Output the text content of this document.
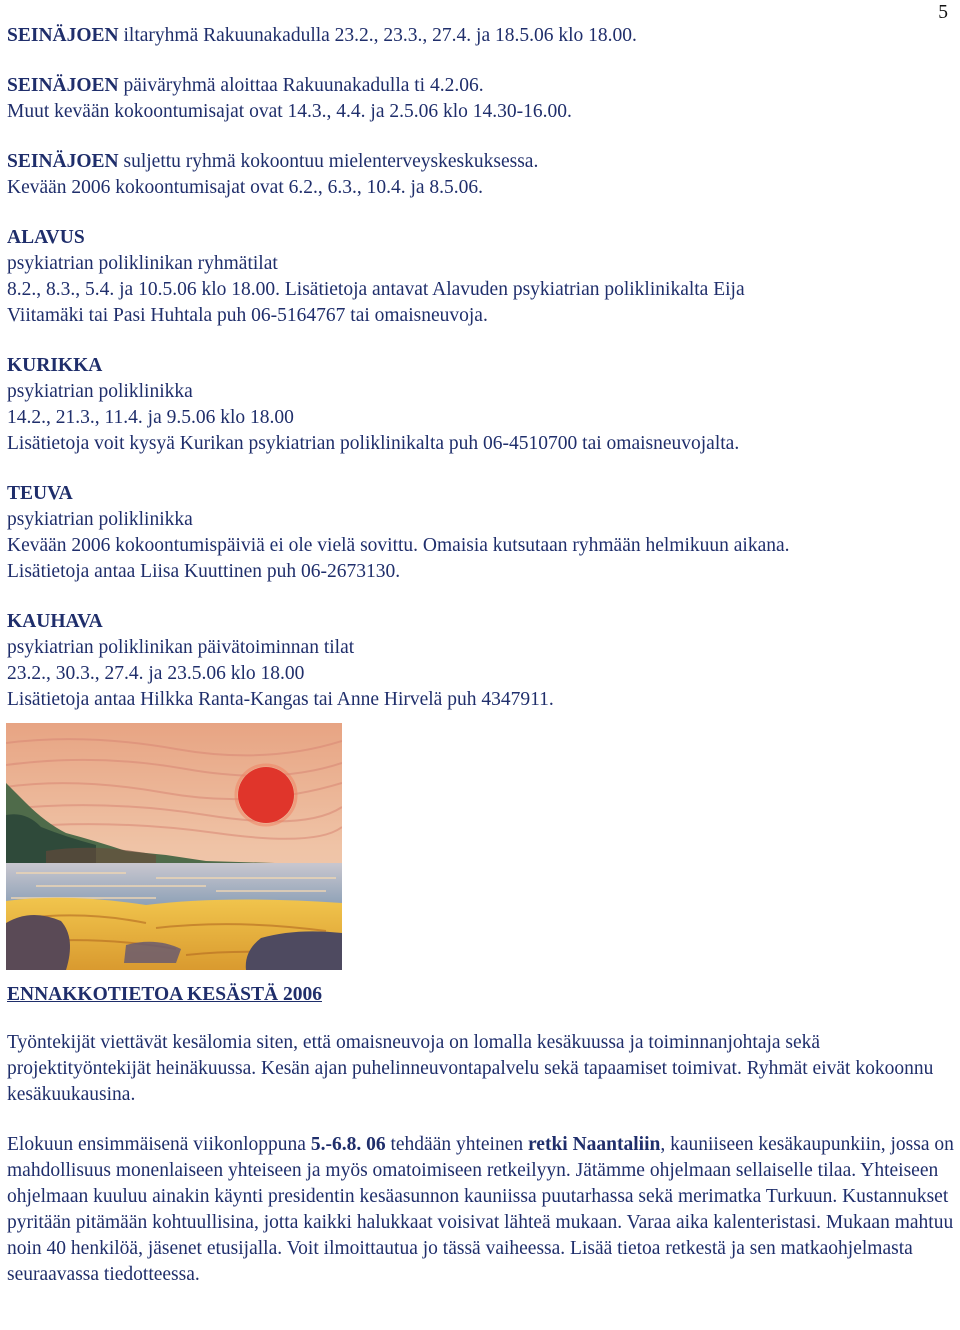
5

SEINÄJOEN iltaryhmä Rakuunakadulla 23.2., 23.3., 27.4. ja 18.5.06 klo 18.00.

SEINÄJOEN päiväryhmä aloittaa Rakuunakadulla ti 4.2.06.

Muut kevään kokoontumisajat ovat 14.3., 4.4. ja 2.5.06 klo 14.30-16.00.

SEINÄJOEN suljettu ryhmä kokoontuu mielenterveyskeskuksessa.

Kevään 2006 kokoontumisajat ovat 6.2., 6.3., 10.4. ja 8.5.06.

ALAVUS

psykiatrian poliklinikan ryhmätilat

8.2., 8.3., 5.4. ja 10.5.06 klo 18.00. Lisätietoja antavat Alavuden psykiatrian poliklinikalta Eija

Viitamäki tai Pasi Huhtala puh 06-5164767 tai omaisneuvoja.

KURIKKA

psykiatrian poliklinikka

14.2., 21.3., 11.4. ja 9.5.06 klo 18.00

Lisätietoja voit kysyä Kurikan psykiatrian poliklinikalta puh 06-4510700 tai omaisneuvojalta.

TEUVA

psykiatrian poliklinikka

Kevään 2006 kokoontumispäiviä ei ole vielä sovittu. Omaisia kutsutaan ryhmään helmikuun aikana.

Lisätietoja antaa Liisa Kuuttinen puh 06-2673130.

KAUHAVA

psykiatrian poliklinikan päivätoiminnan tilat

23.2., 30.3., 27.4. ja 23.5.06 klo 18.00

Lisätietoja antaa Hilkka Ranta-Kangas tai Anne Hirvelä puh 4347911.

ENNAKKOTIETOA KESÄSTÄ 2006

Työntekijät viettävät kesälomia siten, että omaisneuvoja on lomalla kesäkuussa ja toiminnanjohtaja sekä projektityöntekijät heinäkuussa. Kesän ajan puhelinneuvontapalvelu sekä tapaamiset toimivat. Ryhmät eivät kokoonnu kesäkuukausina.

Elokuun ensimmäisenä viikonloppuna 5.-6.8. 06 tehdään yhteinen retki Naantaliin, kauniiseen kesäkaupunkiin, jossa on mahdollisuus monenlaiseen yhteiseen ja myös omatoimiseen retkeilyyn. Jätämme ohjelmaan sellaiselle tilaa. Yhteiseen ohjelmaan kuuluu ainakin käynti presidentin kesäasunnon kauniissa puutarhassa sekä merimatka Turkuun. Kustannukset pyritään pitämään kohtuullisina, jotta kaikki halukkaat voisivat lähteä mukaan. Varaa aika kalenteristasi. Mukaan mahtuu noin 40 henkilöä, jäsenet etusijalla. Voit ilmoittautua jo tässä vaiheessa. Lisää tietoa retkestä ja sen matkaohjelmasta seuraavassa tiedotteessa.
